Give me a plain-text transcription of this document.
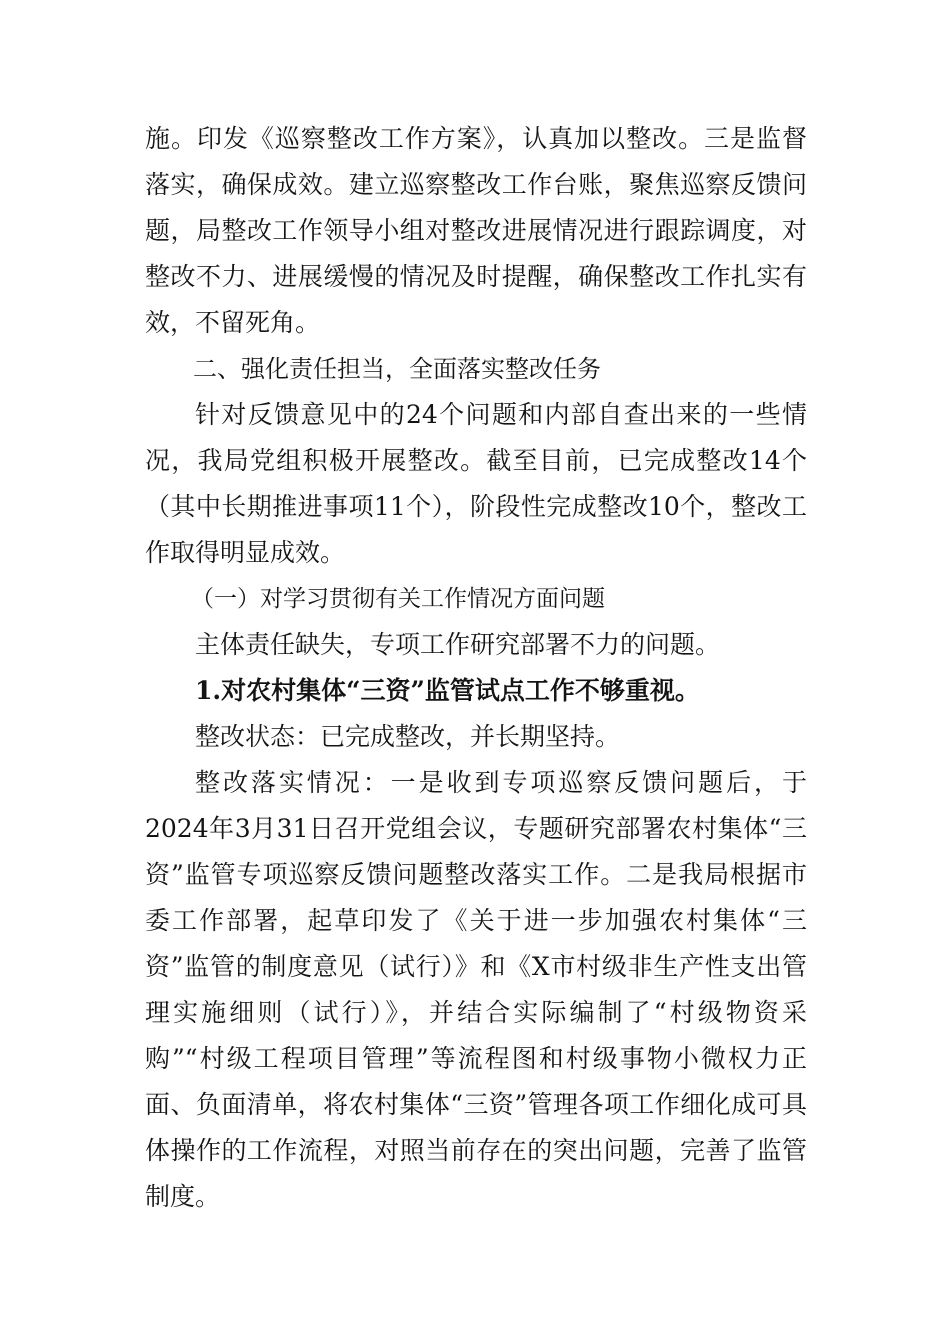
施。印发《巡察整改工作方案》，认真加以整改。三是监督落实，确保成效。建立巡察整改工作台账，聚焦巡察反馈问题，局整改工作领导小组对整改进展情况进行跟踪调度，对整改不力、进展缓慢的情况及时提醒，确保整改工作扎实有效，不留死角。

二、强化责任担当，全面落实整改任务

针对反馈意见中的24个问题和内部自查出来的一些情况，我局党组积极开展整改。截至目前，已完成整改14个（其中长期推进事项11个），阶段性完成整改10个，整改工作取得明显成效。

（一）对学习贯彻有关工作情况方面问题

主体责任缺失，专项工作研究部署不力的问题。

1.对农村集体“三资”监管试点工作不够重视。

整改状态：已完成整改，并长期坚持。

整改落实情况：一是收到专项巡察反馈问题后，于2024年3月31日召开党组会议，专题研究部署农村集体“三资”监管专项巡察反馈问题整改落实工作。二是我局根据市委工作部署，起草印发了《关于进一步加强农村集体“三资”监管的制度意见（试行）》和《X市村级非生产性支出管理实施细则（试行）》，并结合实际编制了“村级物资采购”“村级工程项目管理”等流程图和村级事物小微权力正面、负面清单，将农村集体“三资”管理各项工作细化成可具体操作的工作流程，对照当前存在的突出问题，完善了监管制度。
